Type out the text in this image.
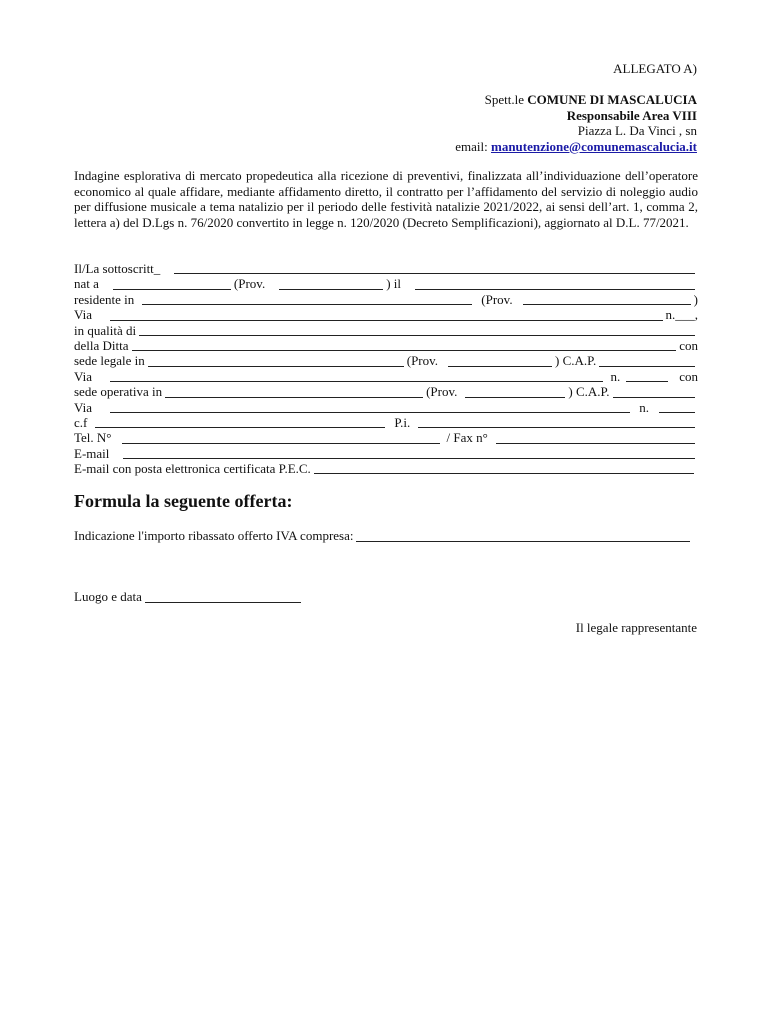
ALLEGATO A)
Spett.le COMUNE DI MASCALUCIA
Responsabile Area VIII
Piazza L. Da Vinci , sn
email: manutenzione@comunemascalucia.it
Indagine esplorativa di mercato propedeutica alla ricezione di preventivi, finalizzata all’individuazione dell’operatore economico al quale affidare, mediante affidamento diretto, il contratto per l’affidamento del servizio di noleggio audio per diffusione musicale a tema natalizio per il periodo delle festività natalizie 2021/2022, ai sensi dell’art. 1, comma 2, lettera a) del D.Lgs n. 76/2020 convertito in legge n. 120/2020 (Decreto Semplificazioni), aggiornato al D.L. 77/2021.
Il/La sottoscritt_
nat a	(Prov.	) il
residente in	(Prov.	)
Via	n.___,
in qualità di
della Ditta	con
sede legale in	(Prov.	) C.A.P.
Via	n.	con
sede operativa in	(Prov.	) C.A.P.
Via	n.
c.f	P.i.
Tel. N°	/ Fax n°
E-mail
E-mail con posta elettronica certificata P.E.C.
Formula la seguente offerta:
Indicazione l'importo ribassato offerto IVA compresa:
Luogo e data
Il legale rappresentante
